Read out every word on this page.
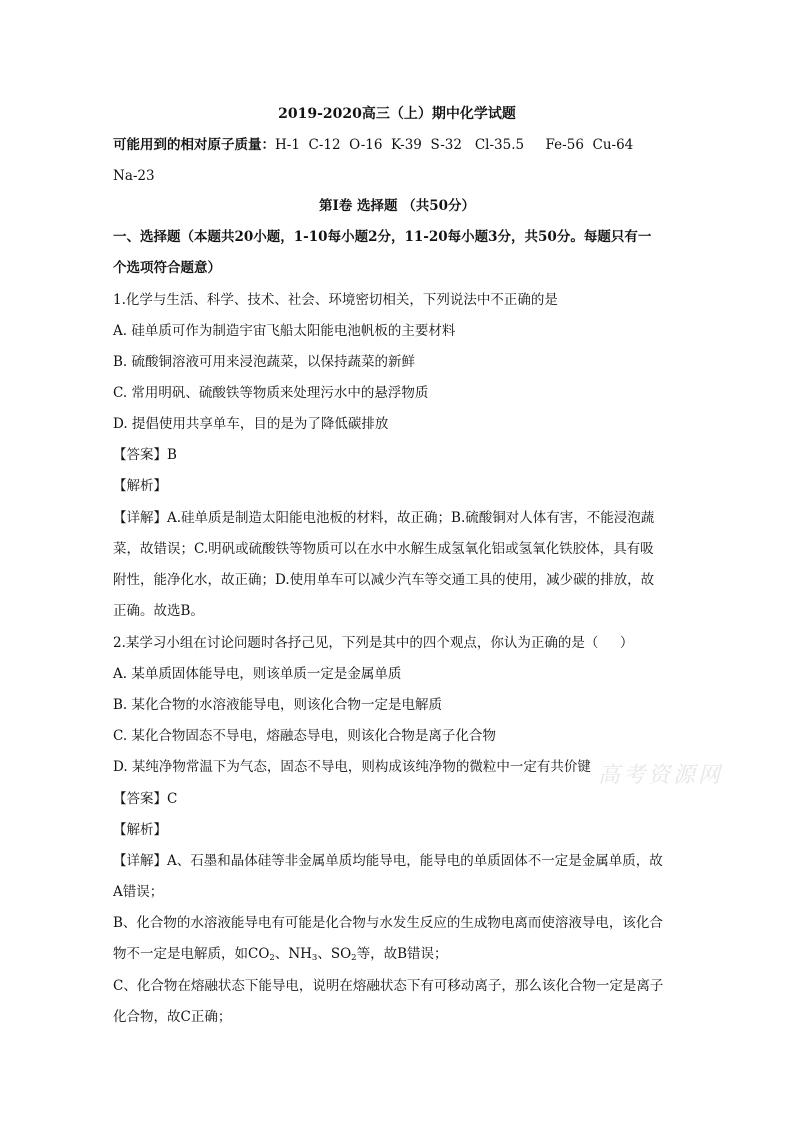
2019-2020高三（上）期中化学试题
可能用到的相对原子质量：H-1  C-12  O-16  K-39  S-32   Cl-35.5     Fe-56  Cu-64
Na-23
第Ⅰ卷 选择题 （共50分）
一、选择题（本题共20小题，1-10每小题2分，11-20每小题3分，共50分。每题只有一
个选项符合题意）
1.化学与生活、科学、技术、社会、环境密切相关，下列说法中不正确的是
A. 硅单质可作为制造宇宙飞船太阳能电池帆板的主要材料
B. 硫酸铜溶液可用来浸泡蔬菜，以保持蔬菜的新鲜
C. 常用明矾、硫酸铁等物质来处理污水中的悬浮物质
D. 提倡使用共享单车，目的是为了降低碳排放
【答案】B
【解析】
【详解】A.硅单质是制造太阳能电池板的材料，故正确；B.硫酸铜对人体有害，不能浸泡蔬
菜，故错误；C.明矾或硫酸铁等物质可以在水中水解生成氢氧化铝或氢氧化铁胶体，具有吸
附性，能净化水，故正确；D.使用单车可以减少汽车等交通工具的使用，减少碳的排放，故
正确。故选B。
2.某学习小组在讨论问题时各抒己见，下列是其中的四个观点，你认为正确的是（     ）
A. 某单质固体能导电，则该单质一定是金属单质
B. 某化合物的水溶液能导电，则该化合物一定是电解质
C. 某化合物固态不导电，熔融态导电，则该化合物是离子化合物
D. 某纯净物常温下为气态，固态不导电，则构成该纯净物的微粒中一定有共价键
【答案】C
【解析】
【详解】A、石墨和晶体硅等非金属单质均能导电，能导电的单质固体不一定是金属单质，故
A错误；
B、化合物的水溶液能导电有可能是化合物与水发生反应的生成物电离而使溶液导电，该化合
物不一定是电解质，如$CO_2$、$NH_3$、$SO_2$等，故B错误；
C、化合物在熔融状态下能导电，说明在熔融状态下有可移动离子，那么该化合物一定是离子
化合物，故C正确；
高考资源网
